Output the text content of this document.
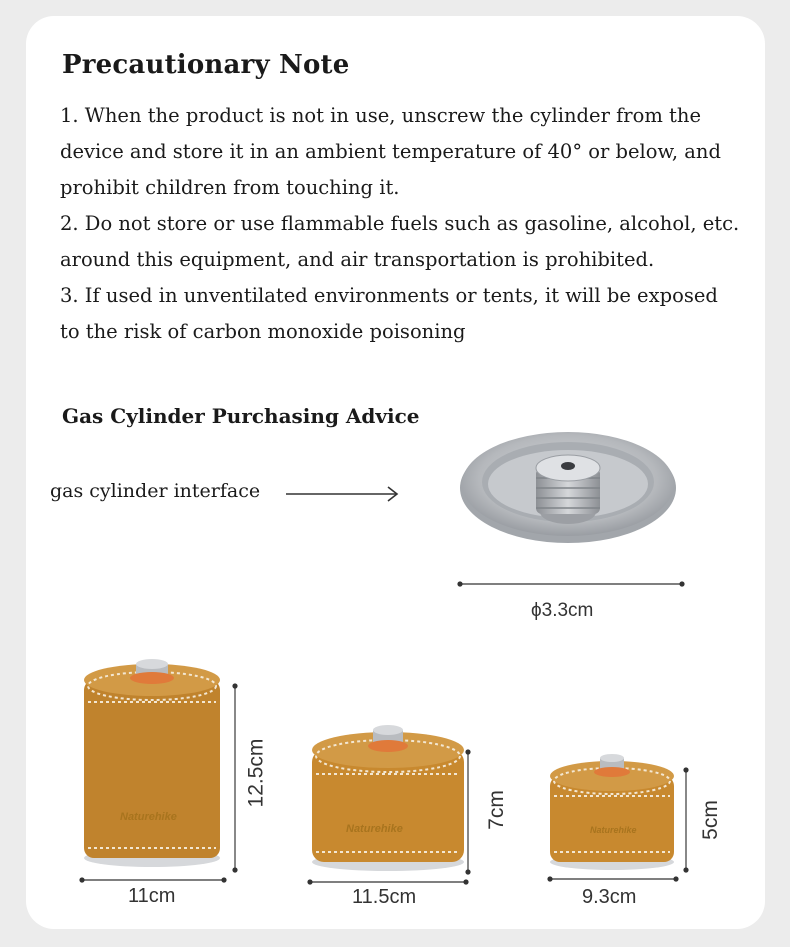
Precautionary Note
1. When the product is not in use, unscrew the cylinder from the
device and store it in an ambient temperature of 40° or below, and
prohibit children from touching it.
2. Do not store or use flammable fuels such as gasoline, alcohol, etc.
around this equipment, and air transportation is prohibited.
3. If used in unventilated environments or tents, it will be exposed
to the risk of carbon monoxide poisoning
Gas Cylinder Purchasing Advice
gas cylinder interface
ϕ3.3cm
Naturehike
11cm
12.5cm
Naturehike
11.5cm
7cm
Naturehike
9.3cm
5cm
